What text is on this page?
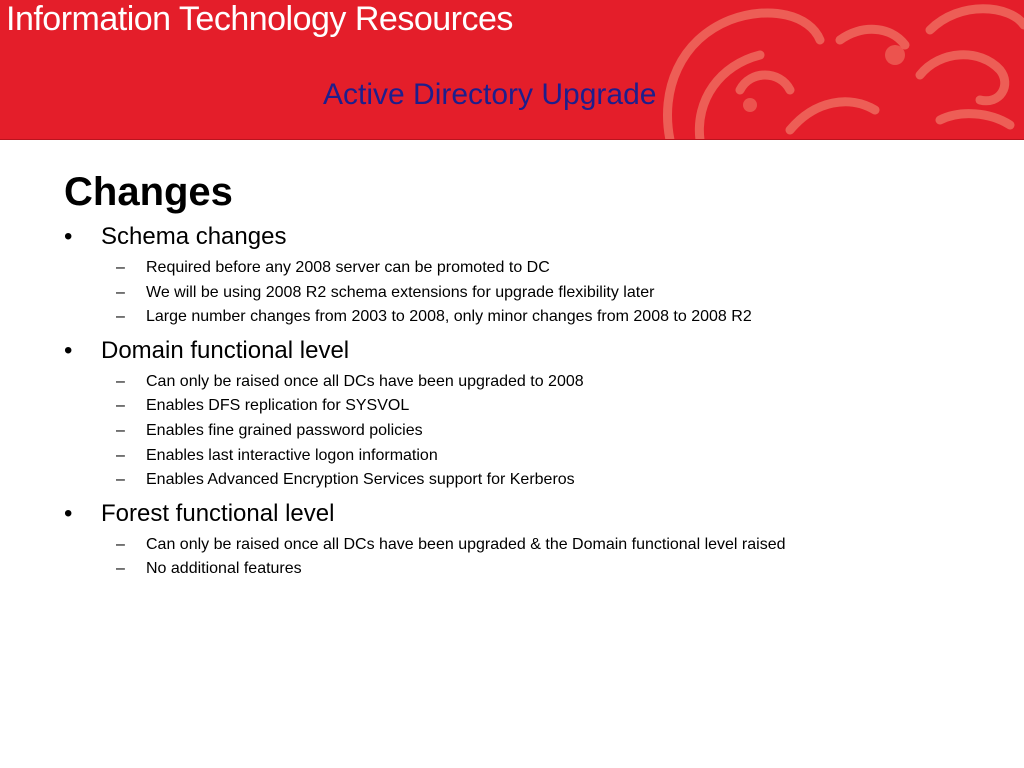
Information Technology Resources
Active Directory Upgrade
Changes
• Schema changes
– Required before any 2008 server can be promoted to DC
– We will be using 2008 R2 schema extensions for upgrade flexibility later
– Large number changes from 2003 to 2008, only minor changes from 2008 to 2008 R2
• Domain functional level
– Can only be raised once all DCs have been upgraded to 2008
– Enables DFS replication for SYSVOL
– Enables fine grained password policies
– Enables last interactive logon information
– Enables Advanced Encryption Services support for Kerberos
• Forest functional level
– Can only be raised once all DCs have been upgraded & the Domain functional level raised
– No additional features
